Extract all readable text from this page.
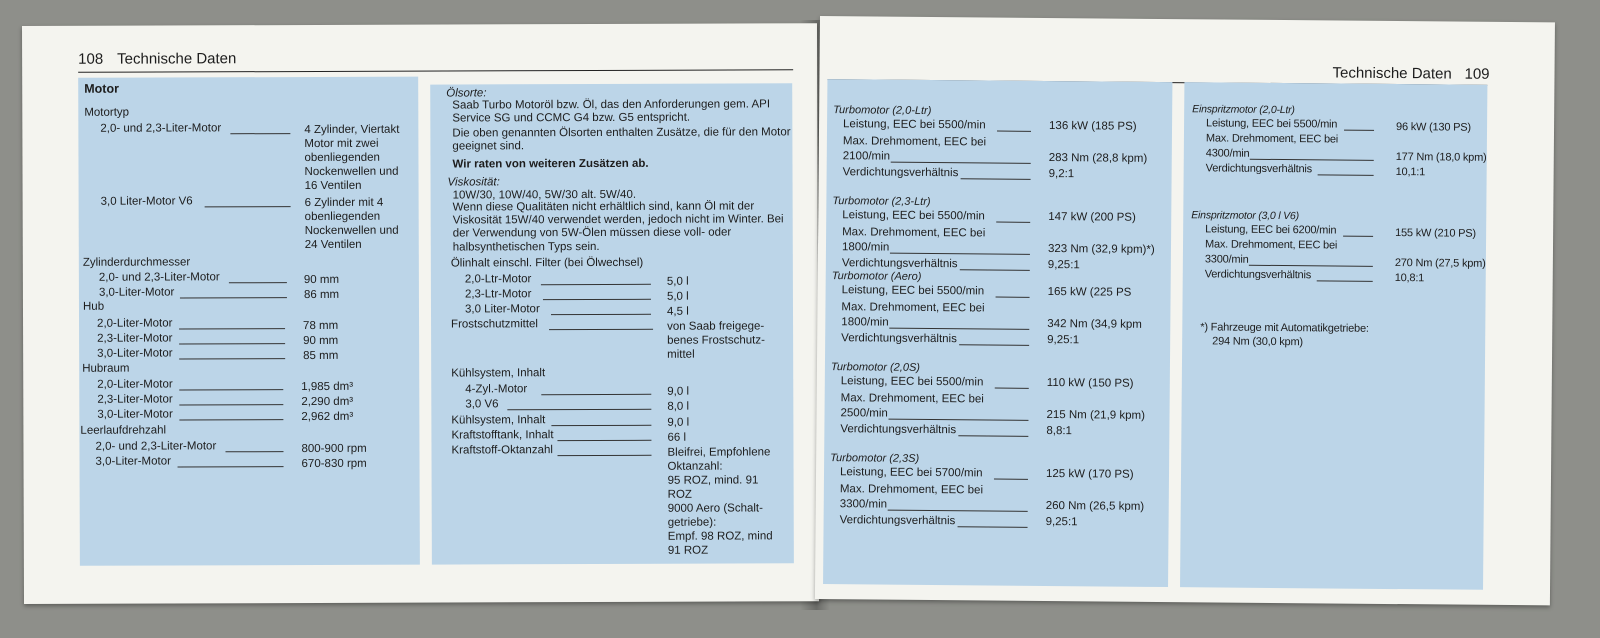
108 Technische Daten
Motor
Motortyp
2,0- und 2,3-Liter-Motor	4 Zylinder, Viertakt
Motor mit zwei
obenliegenden
Nockenwellen und
16 Ventilen
3,0 Liter-Motor V6	6 Zylinder mit 4
obenliegenden
Nockenwellen und
24 Ventilen
Zylinderdurchmesser
2,0- und 2,3-Liter-Motor	90 mm
3,0-Liter-Motor	86 mm
Hub
2,0-Liter-Motor	78 mm
2,3-Liter-Motor	90 mm
3,0-Liter-Motor	85 mm
Hubraum
2,0-Liter-Motor	1,985 dm³
2,3-Liter-Motor	2,290 dm³
3,0-Liter-Motor	2,962 dm³
Leerlaufdrehzahl
2,0- und 2,3-Liter-Motor	800-900 rpm
3,0-Liter-Motor	670-830 rpm
Ölsorte:
Saab Turbo Motoröl bzw. Öl, das den Anforderungen gem. API Service SG und CCMC G4 bzw. G5 entspricht.
Die oben genannten Ölsorten enthalten Zusätze, die für den Motor geeignet sind.
Wir raten von weiteren Zusätzen ab.
Viskosität:
10W/30, 10W/40, 5W/30 alt. 5W/40.
Wenn diese Qualitäten nicht erhältlich sind, kann Öl mit der Viskosität 15W/40 verwendet werden, jedoch nicht im Winter. Bei der Verwendung von 5W-Ölen müssen diese voll- oder halbsynthetischen Typs sein.
Ölinhalt einschl. Filter (bei Ölwechsel)
2,0-Ltr-Motor	5,0 l
2,3-Ltr-Motor	5,0 l
3,0 Liter-Motor	4,5 l
Frostschutzmittel	von Saab freigege-
benes Frostschutz-
mittel
Kühlsystem, Inhalt
4-Zyl.-Motor	9,0 l
3,0 V6	8,0 l
Kühlsystem, Inhalt	9,0 l
Kraftstofftank, Inhalt	66 l
Kraftstoff-Oktanzahl	Bleifrei, Empfohlene
Oktanzahl:
95 ROZ, mind. 91
ROZ
9000 Aero (Schalt-
getriebe):
Empf. 98 ROZ, mind
91 ROZ
Technische Daten 109
Turbomotor (2,0-Ltr)
Leistung, EEC bei 5500/min	136 kW (185 PS)
Max. Drehmoment, EEC bei
2100/min	283 Nm (28,8 kpm)
Verdichtungsverhältnis	9,2:1
Turbomotor (2,3-Ltr)
Leistung, EEC bei 5500/min	147 kW (200 PS)
Max. Drehmoment, EEC bei
1800/min	323 Nm (32,9 kpm)*)
Verdichtungsverhältnis	9,25:1
Turbomotor (Aero)
Leistung, EEC bei 5500/min	165 kW (225 PS
Max. Drehmoment, EEC bei
1800/min	342 Nm (34,9 kpm
Verdichtungsverhältnis	9,25:1
Turbomotor (2,0S)
Leistung, EEC bei 5500/min	110 kW (150 PS)
Max. Drehmoment, EEC bei
2500/min	215 Nm (21,9 kpm)
Verdichtungsverhältnis	8,8:1
Turbomotor (2,3S)
Leistung, EEC bei 5700/min	125 kW (170 PS)
Max. Drehmoment, EEC bei
3300/min	260 Nm (26,5 kpm)
Verdichtungsverhältnis	9,25:1
Einspritzmotor (2,0-Ltr)
Leistung, EEC bei 5500/min	96 kW (130 PS)
Max. Drehmoment, EEC bei
4300/min	177 Nm (18,0 kpm)
Verdichtungsverhältnis	10,1:1
Einspritzmotor (3,0 l V6)
Leistung, EEC bei 6200/min	155 kW (210 PS)
Max. Drehmoment, EEC bei
3300/min	270 Nm (27,5 kpm)
Verdichtungsverhältnis	10,8:1
*) Fahrzeuge mit Automatikgetriebe:
294 Nm (30,0 kpm)
